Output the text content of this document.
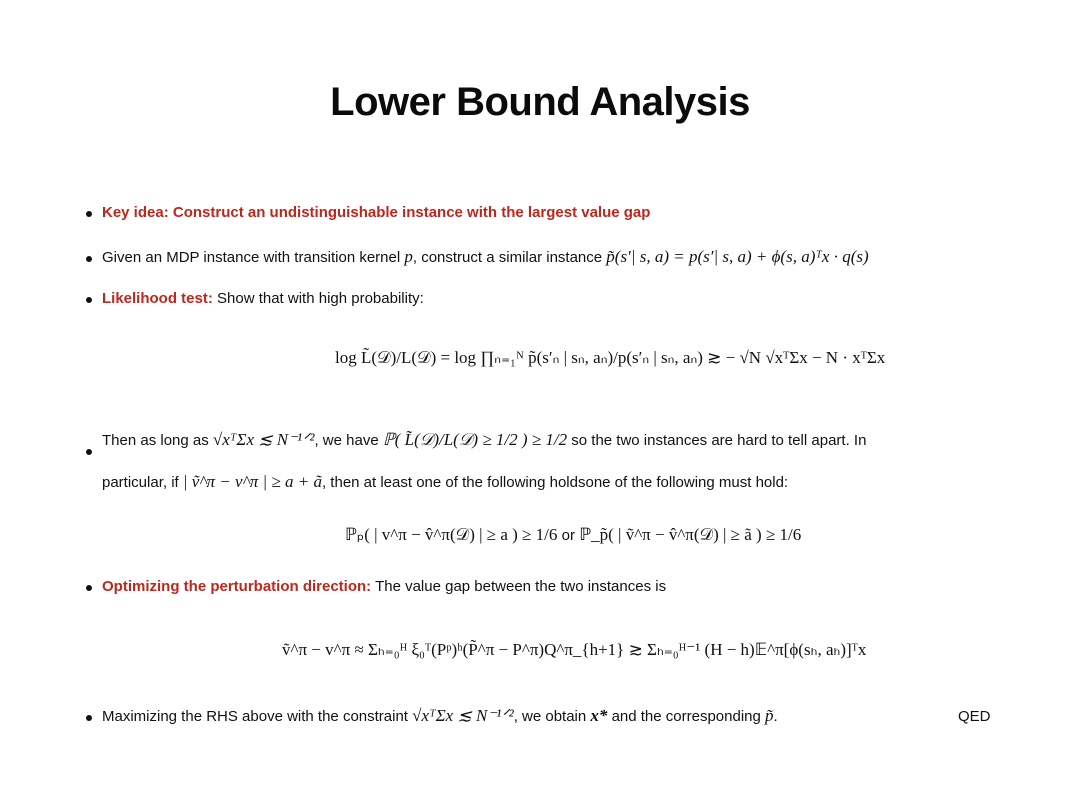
Lower Bound Analysis
Key idea: Construct an undistinguishable instance with the largest value gap
Given an MDP instance with transition kernel p, construct a similar instance p̃(s′| s, a) = p(s′| s, a) + ϕ(s, a)ᵀx · q(s)
Likelihood test: Show that with high probability:
log L̃(𝒟)/L(𝒟) = log ∏ₙ₌₁ᴺ p̃(s′ₙ | sₙ, aₙ)/p(s′ₙ | sₙ, aₙ) ≳ − √N √xᵀΣx − N · xᵀΣx
Then as long as √xᵀΣx ≲ N⁻¹ᐟ², we have ℙ( L̃(𝒟)/L(𝒟) ≥ 1/2 ) ≥ 1/2 so the two instances are hard to tell apart. In
particular, if | ṽ^π − v^π | ≥ a + ã, then at least one of the following holdsone of the following must hold:
ℙₚ( | v^π − v̂^π(𝒟) | ≥ a ) ≥ 1/6 or ℙ_p̃( | ṽ^π − v̂^π(𝒟) | ≥ ã ) ≥ 1/6
Optimizing the perturbation direction: The value gap between the two instances is
ṽ^π − v^π ≈ Σₕ₌₀ᴴ ξ₀ᵀ(Pᵖ)ʰ(P̃^π − P^π)Q^π_{h+1} ≳ Σₕ₌₀ᴴ⁻¹ (H − h)𝔼^π[ϕ(sₕ, aₕ)]ᵀx
Maximizing the RHS above with the constraint √xᵀΣx ≲ N⁻¹ᐟ², we obtain x* and the corresponding p̃.	QED
